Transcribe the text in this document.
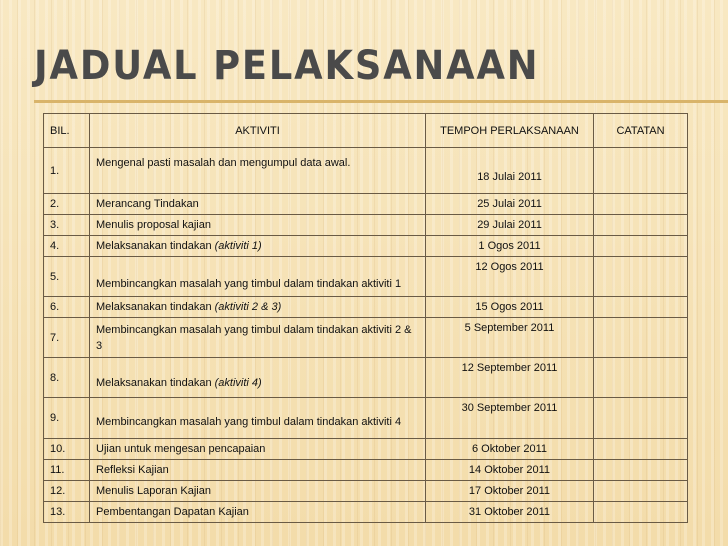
JADUAL PELAKSANAAN
BIL.	AKTIVITI	TEMPOH PERLAKSANAAN	CATATAN
1.	Mengenal pasti masalah dan mengumpul data awal.	18 Julai 2011	
2.	Merancang Tindakan	25 Julai 2011	
3.	Menulis proposal kajian	29 Julai 2011	
4.	Melaksanakan tindakan (aktiviti 1)	1 Ogos 2011	
5.	Membincangkan masalah yang timbul dalam tindakan aktiviti 1	12 Ogos 2011	
6.	Melaksanakan tindakan (aktiviti 2 & 3)	15 Ogos 2011	
7.	Membincangkan masalah yang timbul dalam tindakan aktiviti 2 & 3	5 September 2011	
8.	Melaksanakan tindakan (aktiviti 4)	12 September 2011	
9.	Membincangkan masalah yang timbul dalam tindakan aktiviti 4	30 September 2011	
10.	Ujian untuk mengesan pencapaian	6 Oktober 2011	
11.	Refleksi Kajian	14 Oktober 2011	
12.	Menulis Laporan Kajian	17 Oktober 2011	
13.	Pembentangan Dapatan Kajian	31 Oktober 2011	
